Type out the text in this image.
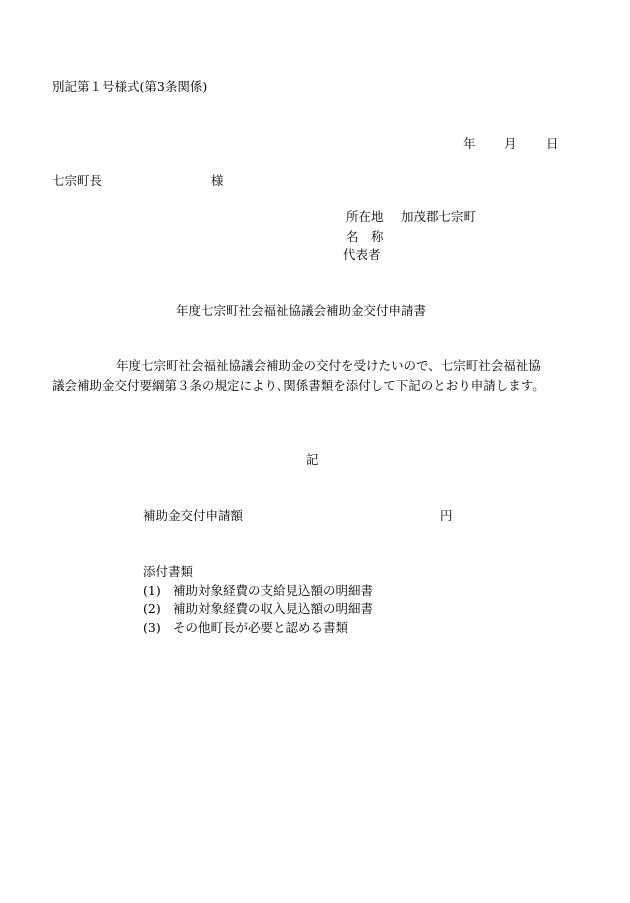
別記第１号様式(第3条関係)
年 月 日
七宗町長	様
所在地 加茂郡七宗町
名　称
代表者
年度七宗町社会福祉協議会補助金交付申請書
年度七宗町社会福祉協議会補助金の交付を受けたいので、七宗町社会福祉協
議会補助金交付要綱第３条の規定により､関係書類を添付して下記のとおり申請します。
記
補助金交付申請額	円
添付書類
(1) 補助対象経費の支給見込額の明細書
(2) 補助対象経費の収入見込額の明細書
(3) その他町長が必要と認める書類
